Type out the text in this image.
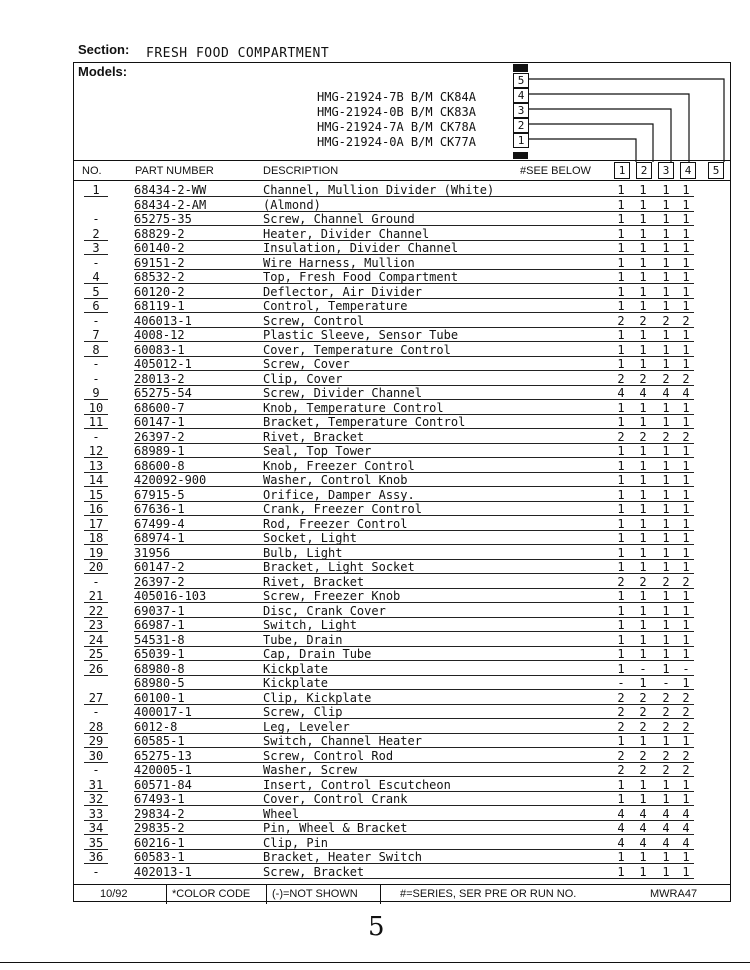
Section: FRESH FOOD COMPARTMENT
Models:
HMG-21924-7B B/M CK84A
HMG-21924-0B B/M CK83A
HMG-21924-7A B/M CK78A
HMG-21924-0A B/M CK77A
5
4
3
2
1
NO.	PART NUMBER	DESCRIPTION	#SEE BELOW	1	2	3	4	5
1	68434-2-WW	Channel, Mullion Divider (White)	1 1 1 1
68434-2-AM	(Almond)	1 1 1 1
-	65275-35	Screw, Channel Ground	1 1 1 1
2	68829-2	Heater, Divider Channel	1 1 1 1
3	60140-2	Insulation, Divider Channel	1 1 1 1
-	69151-2	Wire Harness, Mullion	1 1 1 1
4	68532-2	Top, Fresh Food Compartment	1 1 1 1
5	60120-2	Deflector, Air Divider	1 1 1 1
6	68119-1	Control, Temperature	1 1 1 1
-	406013-1	Screw, Control	2 2 2 2
7	4008-12	Plastic Sleeve, Sensor Tube	1 1 1 1
8	60083-1	Cover, Temperature Control	1 1 1 1
-	405012-1	Screw, Cover	1 1 1 1
-	28013-2	Clip, Cover	2 2 2 2
9	65275-54	Screw, Divider Channel	4 4 4 4
10	68600-7	Knob, Temperature Control	1 1 1 1
11	60147-1	Bracket, Temperature Control	1 1 1 1
-	26397-2	Rivet, Bracket	2 2 2 2
12	68989-1	Seal, Top Tower	1 1 1 1
13	68600-8	Knob, Freezer Control	1 1 1 1
14	420092-900	Washer, Control Knob	1 1 1 1
15	67915-5	Orifice, Damper Assy.	1 1 1 1
16	67636-1	Crank, Freezer Control	1 1 1 1
17	67499-4	Rod, Freezer Control	1 1 1 1
18	68974-1	Socket, Light	1 1 1 1
19	31956	Bulb, Light	1 1 1 1
20	60147-2	Bracket, Light Socket	1 1 1 1
-	26397-2	Rivet, Bracket	2 2 2 2
21	405016-103	Screw, Freezer Knob	1 1 1 1
22	69037-1	Disc, Crank Cover	1 1 1 1
23	66987-1	Switch, Light	1 1 1 1
24	54531-8	Tube, Drain	1 1 1 1
25	65039-1	Cap, Drain Tube	1 1 1 1
26	68980-8	Kickplate	1 - 1 -
68980-5	Kickplate	- 1 - 1
27	60100-1	Clip, Kickplate	2 2 2 2
-	400017-1	Screw, Clip	2 2 2 2
28	6012-8	Leg, Leveler	2 2 2 2
29	60585-1	Switch, Channel Heater	1 1 1 1
30	65275-13	Screw, Control Rod	2 2 2 2
-	420005-1	Washer, Screw	2 2 2 2
31	60571-84	Insert, Control Escutcheon	1 1 1 1
32	67493-1	Cover, Control Crank	1 1 1 1
33	29834-2	Wheel	4 4 4 4
34	29835-2	Pin, Wheel & Bracket	4 4 4 4
35	60216-1	Clip, Pin	4 4 4 4
36	60583-1	Bracket, Heater Switch	1 1 1 1
-	402013-1	Screw, Bracket	1 1 1 1
10/92	*COLOR CODE (-)=NOT SHOWN	#=SERIES, SER PRE OR RUN NO.	MWRA47
5
